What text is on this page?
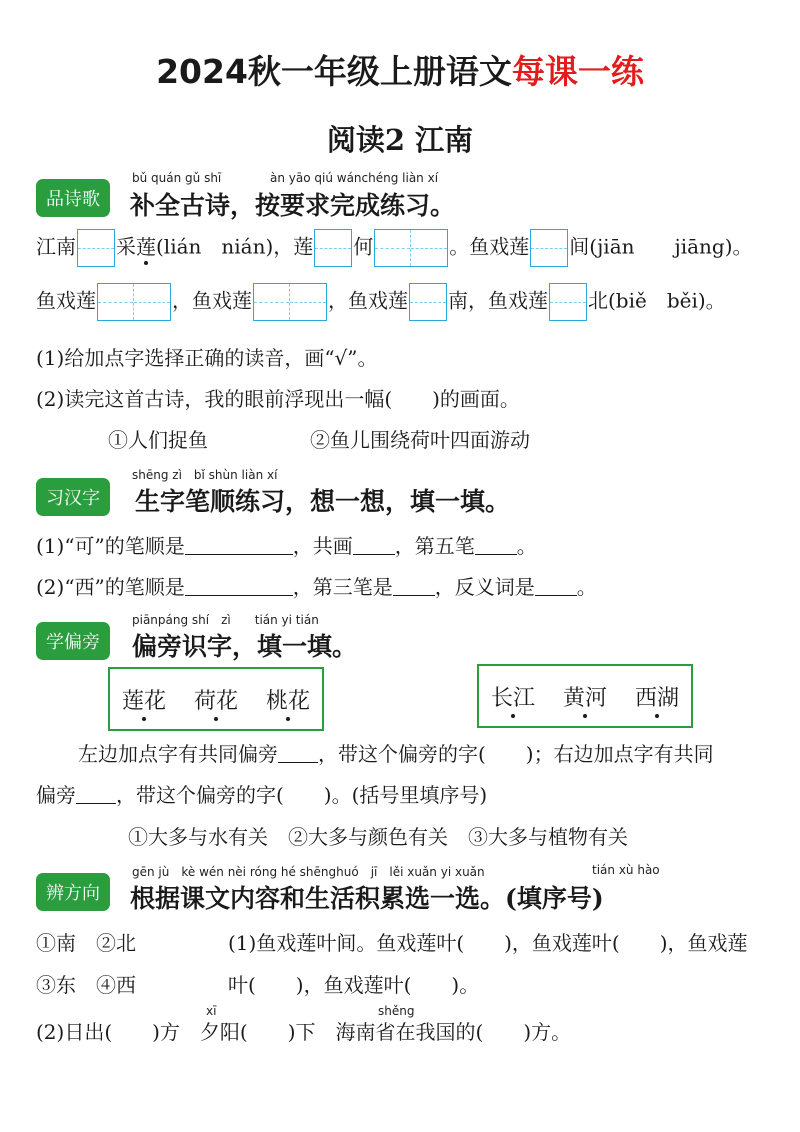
2024秋一年级上册语文每课一练
阅读2 江南
品诗歌
bǔ quán gǔ shī	àn yāo qiú wánchéng liàn xí
补全古诗，按要求完成练习。
江南 采莲(lián　nián)，莲 何	。鱼戏莲 间(jiān　　jiāng)。
鱼戏莲	，鱼戏莲	，鱼戏莲 南，鱼戏莲 北(biě　běi)。
(1)给加点字选择正确的读音，画“√”。
(2)读完这首古诗，我的眼前浮现出一幅(　　)的画面。
①人们捉鱼	②鱼儿围绕荷叶四面游动
习汉字
shēng zì　bǐ shùn liàn xí
生字笔顺练习，想一想，填一填。
(1)“可”的笔顺是	，共画 ，第五笔 。
(2)“西”的笔顺是	，第三笔是 ，反义词是 。
学偏旁
piānpáng shí　zì　　tián yi tián
偏旁识字，填一填。
莲花 荷花 桃花	长江 黄河 西湖
左边加点字有共同偏旁 ，带这个偏旁的字(　　)；右边加点字有共同
偏旁 ，带这个偏旁的字(　　)。(括号里填序号)
①大多与水有关　②大多与颜色有关　③大多与植物有关
辨方向
gēn jù　kè wén nèi róng hé shēnghuó　jī　lěi xuǎn yi xuǎn	tián xù hào
根据课文内容和生活积累选一选。(填序号)
①南　②北
③东　④西
(1)鱼戏莲叶间。鱼戏莲叶(　　)，鱼戏莲叶(　　)，鱼戏莲
叶(　　)，鱼戏莲叶(　　)。
xī	shěng
(2)日出(　　)方　夕阳(　　)下　海南省在我国的(　　)方。
